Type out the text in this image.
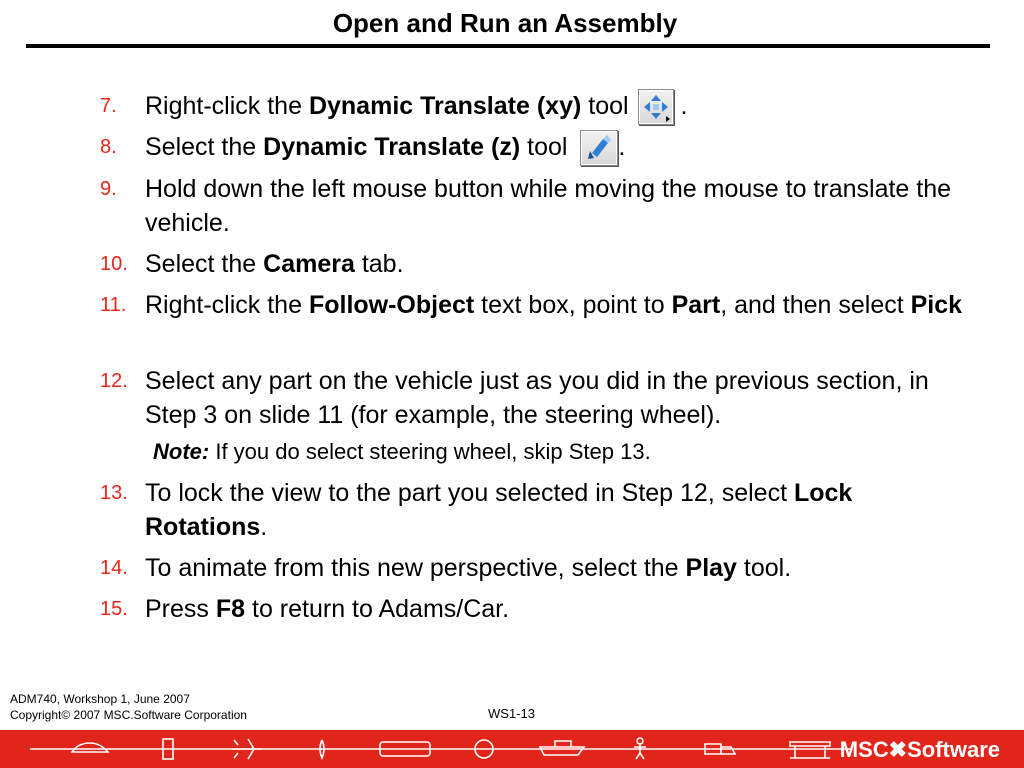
Open and Run an Assembly
7. Right-click the Dynamic Translate (xy) tool  .
8. Select the Dynamic Translate (z) tool .
9. Hold down the left mouse button while moving the mouse to translate the vehicle.
10. Select the Camera tab.
11. Right-click the Follow-Object text box, point to Part, and then select Pick
12. Select any part on the vehicle just as you did in the previous section, in Step 3 on slide 11 (for example, the steering wheel).
Note: If you do select steering wheel, skip Step 13.
13. To lock the view to the part you selected in Step 12, select Lock Rotations.
14. To animate from this new perspective, select the Play tool.
15. Press F8 to return to Adams/Car.
ADM740, Workshop 1, June 2007
Copyright© 2007 MSC.Software Corporation	WS1-13
MSC✖Software
